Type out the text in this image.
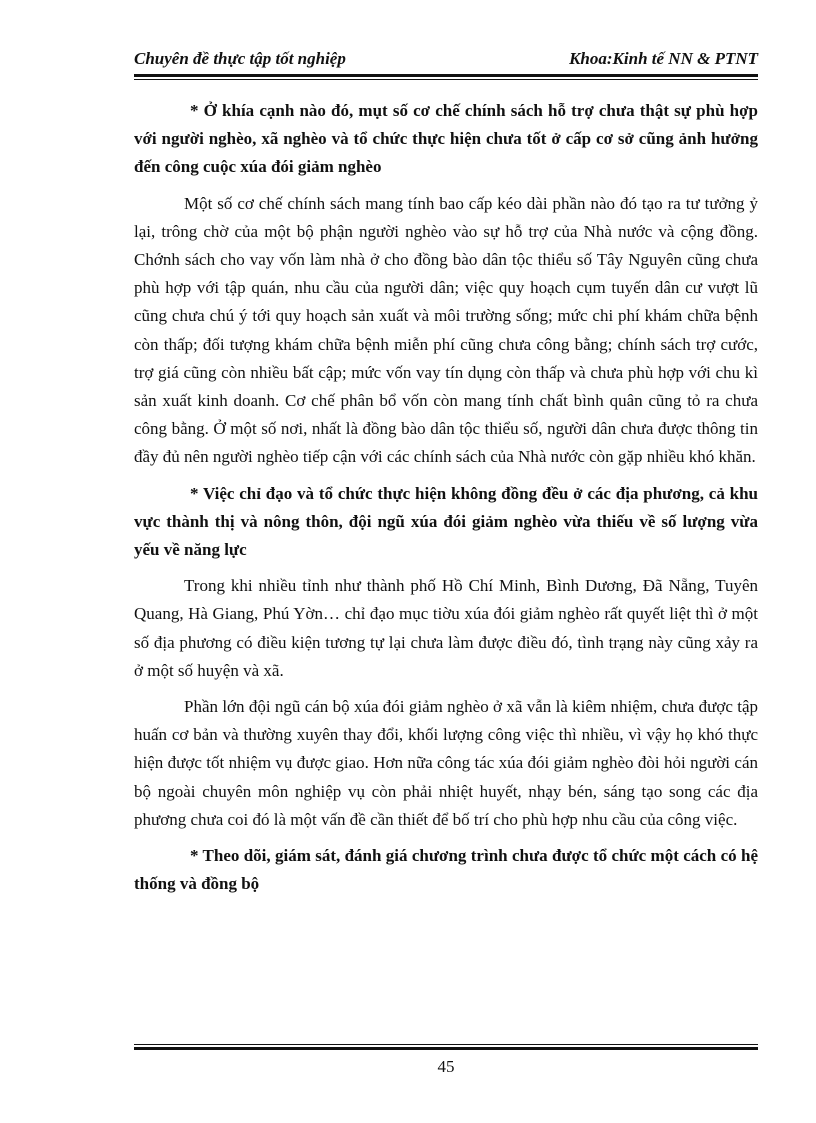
Chuyên đề thực tập tốt nghiệp	Khoa:Kinh tế NN & PTNT

* Ở khía cạnh nào đó, mụt số cơ chế chính sách hỗ trợ chưa thật sự phù hợp với người nghèo, xã nghèo và tổ chức thực hiện chưa tốt ở cấp cơ sở cũng ảnh hưởng đến công cuộc xúa đói giảm nghèo

Một số cơ chế chính sách mang tính bao cấp kéo dài phần nào đó tạo ra tư tưởng ỷ lại, trông chờ của một bộ phận người nghèo vào sự hỗ trợ của Nhà nước và cộng đồng. Chớnh sách cho vay vốn làm nhà ở cho đồng bào dân tộc thiểu số Tây Nguyên cũng chưa phù hợp với tập quán, nhu cầu của người dân; việc quy hoạch cụm tuyến dân cư vượt lũ cũng chưa chú ý tới quy hoạch sản xuất và môi trường sống; mức chi phí khám chữa bệnh còn thấp; đối tượng khám chữa bệnh miễn phí cũng chưa công bằng; chính sách trợ cước, trợ giá cũng còn nhiều bất cập; mức vốn vay tín dụng còn thấp và chưa phù hợp với chu kì sản xuất kinh doanh. Cơ chế phân bổ vốn còn mang tính chất bình quân cũng tỏ ra chưa công bằng. Ở một số nơi, nhất là đồng bào dân tộc thiểu số, người dân chưa được thông tin đầy đủ nên người nghèo tiếp cận với các chính sách của Nhà nước còn gặp nhiều khó khăn.

* Việc chỉ đạo và tổ chức thực hiện không đồng đều ở các địa phương, cả khu vực thành thị và nông thôn, đội ngũ xúa đói giảm nghèo vừa thiếu về số lượng vừa yếu về năng lực

Trong khi nhiều tỉnh như thành phố Hồ Chí Minh, Bình Dương, Đã Nẵng, Tuyên Quang, Hà Giang, Phú Yờn… chỉ đạo mục tiờu xúa đói giảm nghèo rất quyết liệt thì ở một số địa phương có điều kiện tương tự lại chưa làm được điều đó, tình trạng này cũng xảy ra ở một số huyện và xã.

Phần lớn đội ngũ cán bộ xúa đói giảm nghèo ở xã vẫn là kiêm nhiệm, chưa được tập huấn cơ bản và thường xuyên thay đổi, khối lượng công việc thì nhiều, vì vậy họ khó thực hiện được tốt nhiệm vụ được giao. Hơn nữa công tác xúa đói giảm nghèo đòi hỏi người cán bộ ngoài chuyên môn nghiệp vụ còn phải nhiệt huyết, nhạy bén, sáng tạo song các địa phương chưa coi đó là một vấn đề cần thiết để bố trí cho phù hợp nhu cầu của công việc.

* Theo dõi, giám sát, đánh giá chương trình chưa được tổ chức một cách có hệ thống và đồng bộ

45
